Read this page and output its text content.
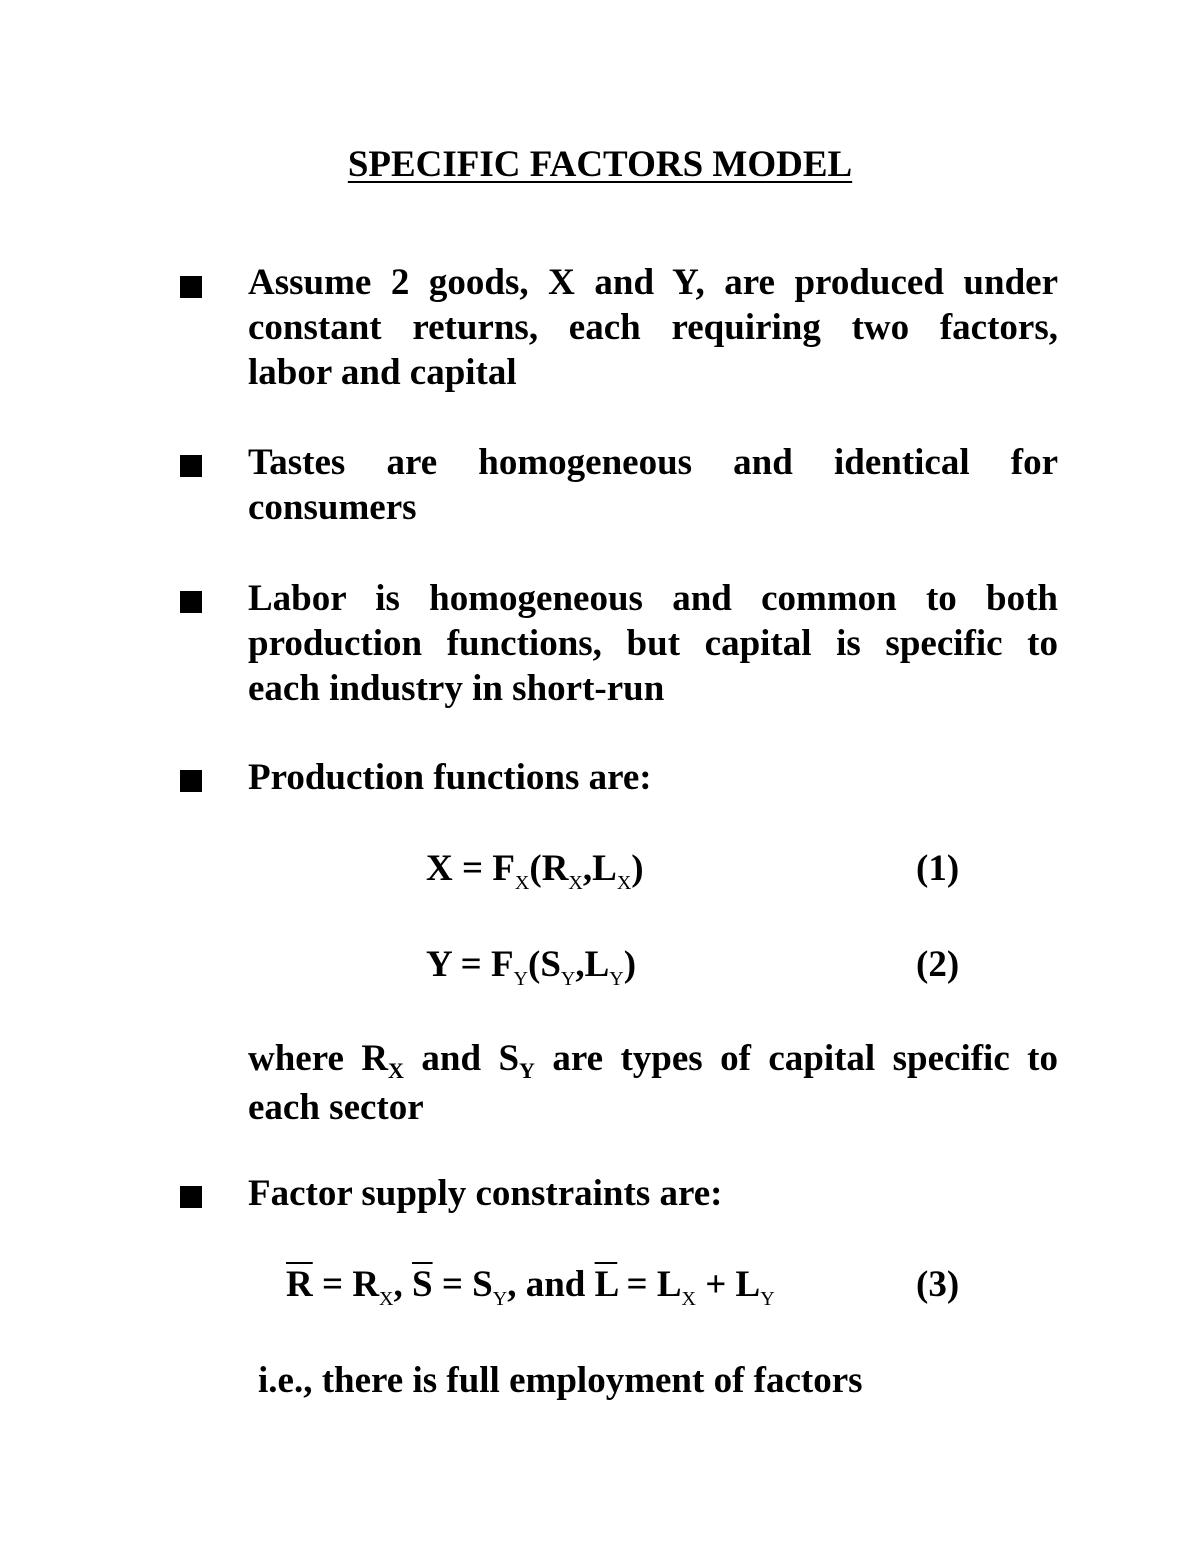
SPECIFIC FACTORS MODEL
Assume 2 goods, X and Y, are produced under
constant returns, each requiring two factors,
labor and capital
Tastes are homogeneous and identical for
consumers
Labor is homogeneous and common to both
production functions, but capital is specific to
each industry in short-run
Production functions are:
$X = F_X(R_X,L_X)$	(1)
$Y = F_Y(S_Y,L_Y)$	(2)
where $R_X$ and $S_Y$ are types of capital specific to
each sector
Factor supply constraints are:
$\overline{R} = R_X$, $\overline{S} = S_Y$, and $\overline{L} = L_X + L_Y$	(3)
i.e., there is full employment of factors
